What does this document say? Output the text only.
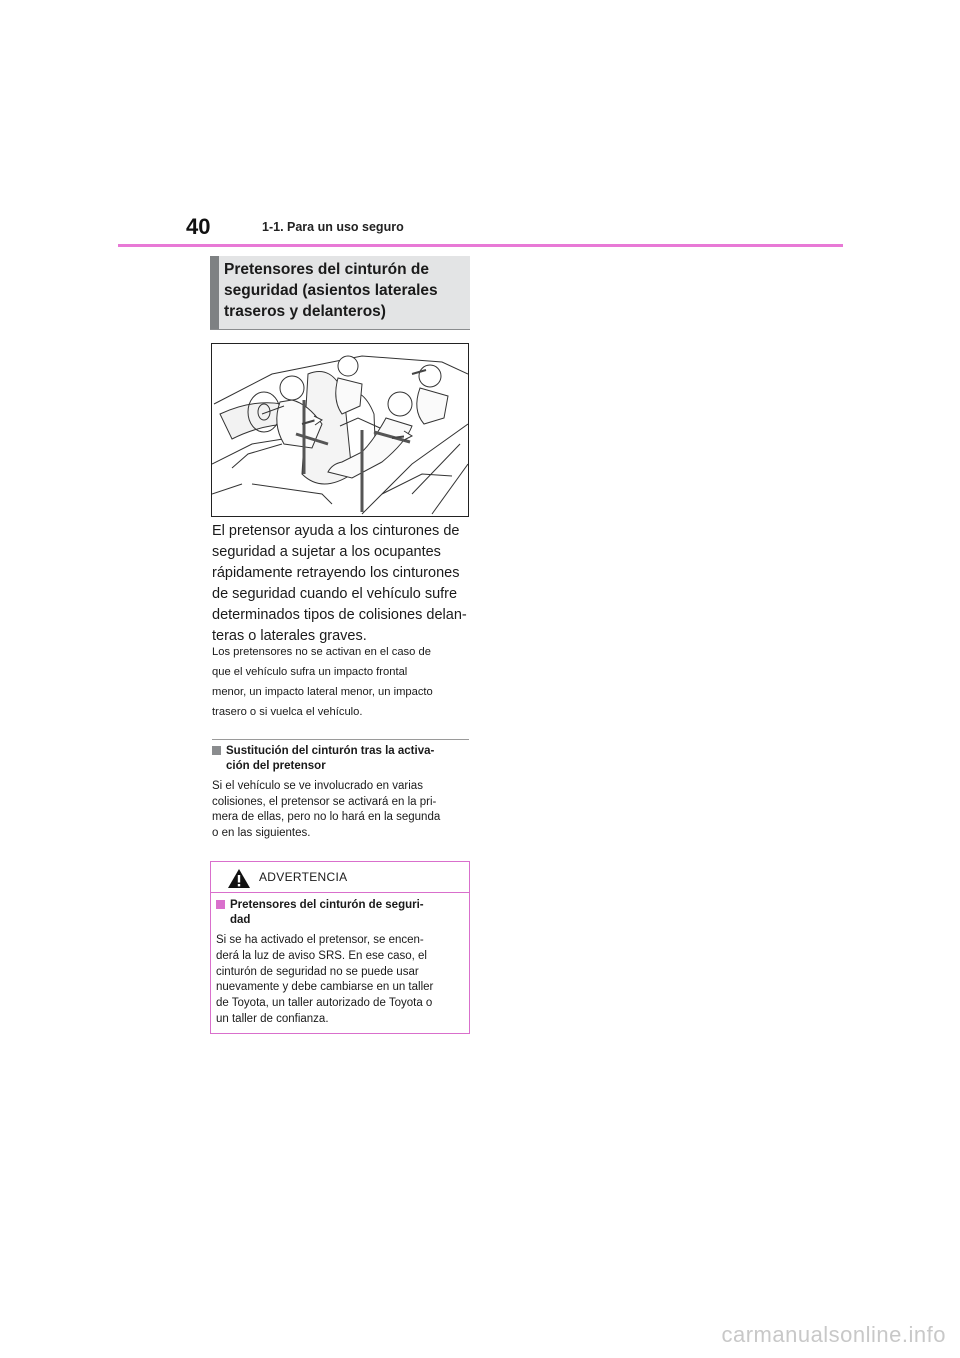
40	1-1. Para un uso seguro
Pretensores del cinturón de
seguridad (asientos laterales
traseros y delanteros)

El pretensor ayuda a los cinturones de
seguridad a sujetar a los ocupantes
rápidamente retrayendo los cinturones
de seguridad cuando el vehículo sufre
determinados tipos de colisiones delan-
teras o laterales graves.

Los pretensores no se activan en el caso de
que el vehículo sufra un impacto frontal
menor, un impacto lateral menor, un impacto
trasero o si vuelca el vehículo.

Sustitución del cinturón tras la activa-
ción del pretensor
Si el vehículo se ve involucrado en varias
colisiones, el pretensor se activará en la pri-
mera de ellas, pero no lo hará en la segunda
o en las siguientes.
ADVERTENCIA
Pretensores del cinturón de seguri-
dad
Si se ha activado el pretensor, se encen-
derá la luz de aviso SRS. En ese caso, el
cinturón de seguridad no se puede usar
nuevamente y debe cambiarse en un taller
de Toyota, un taller autorizado de Toyota o
un taller de confianza.
carmanualsonline.info
